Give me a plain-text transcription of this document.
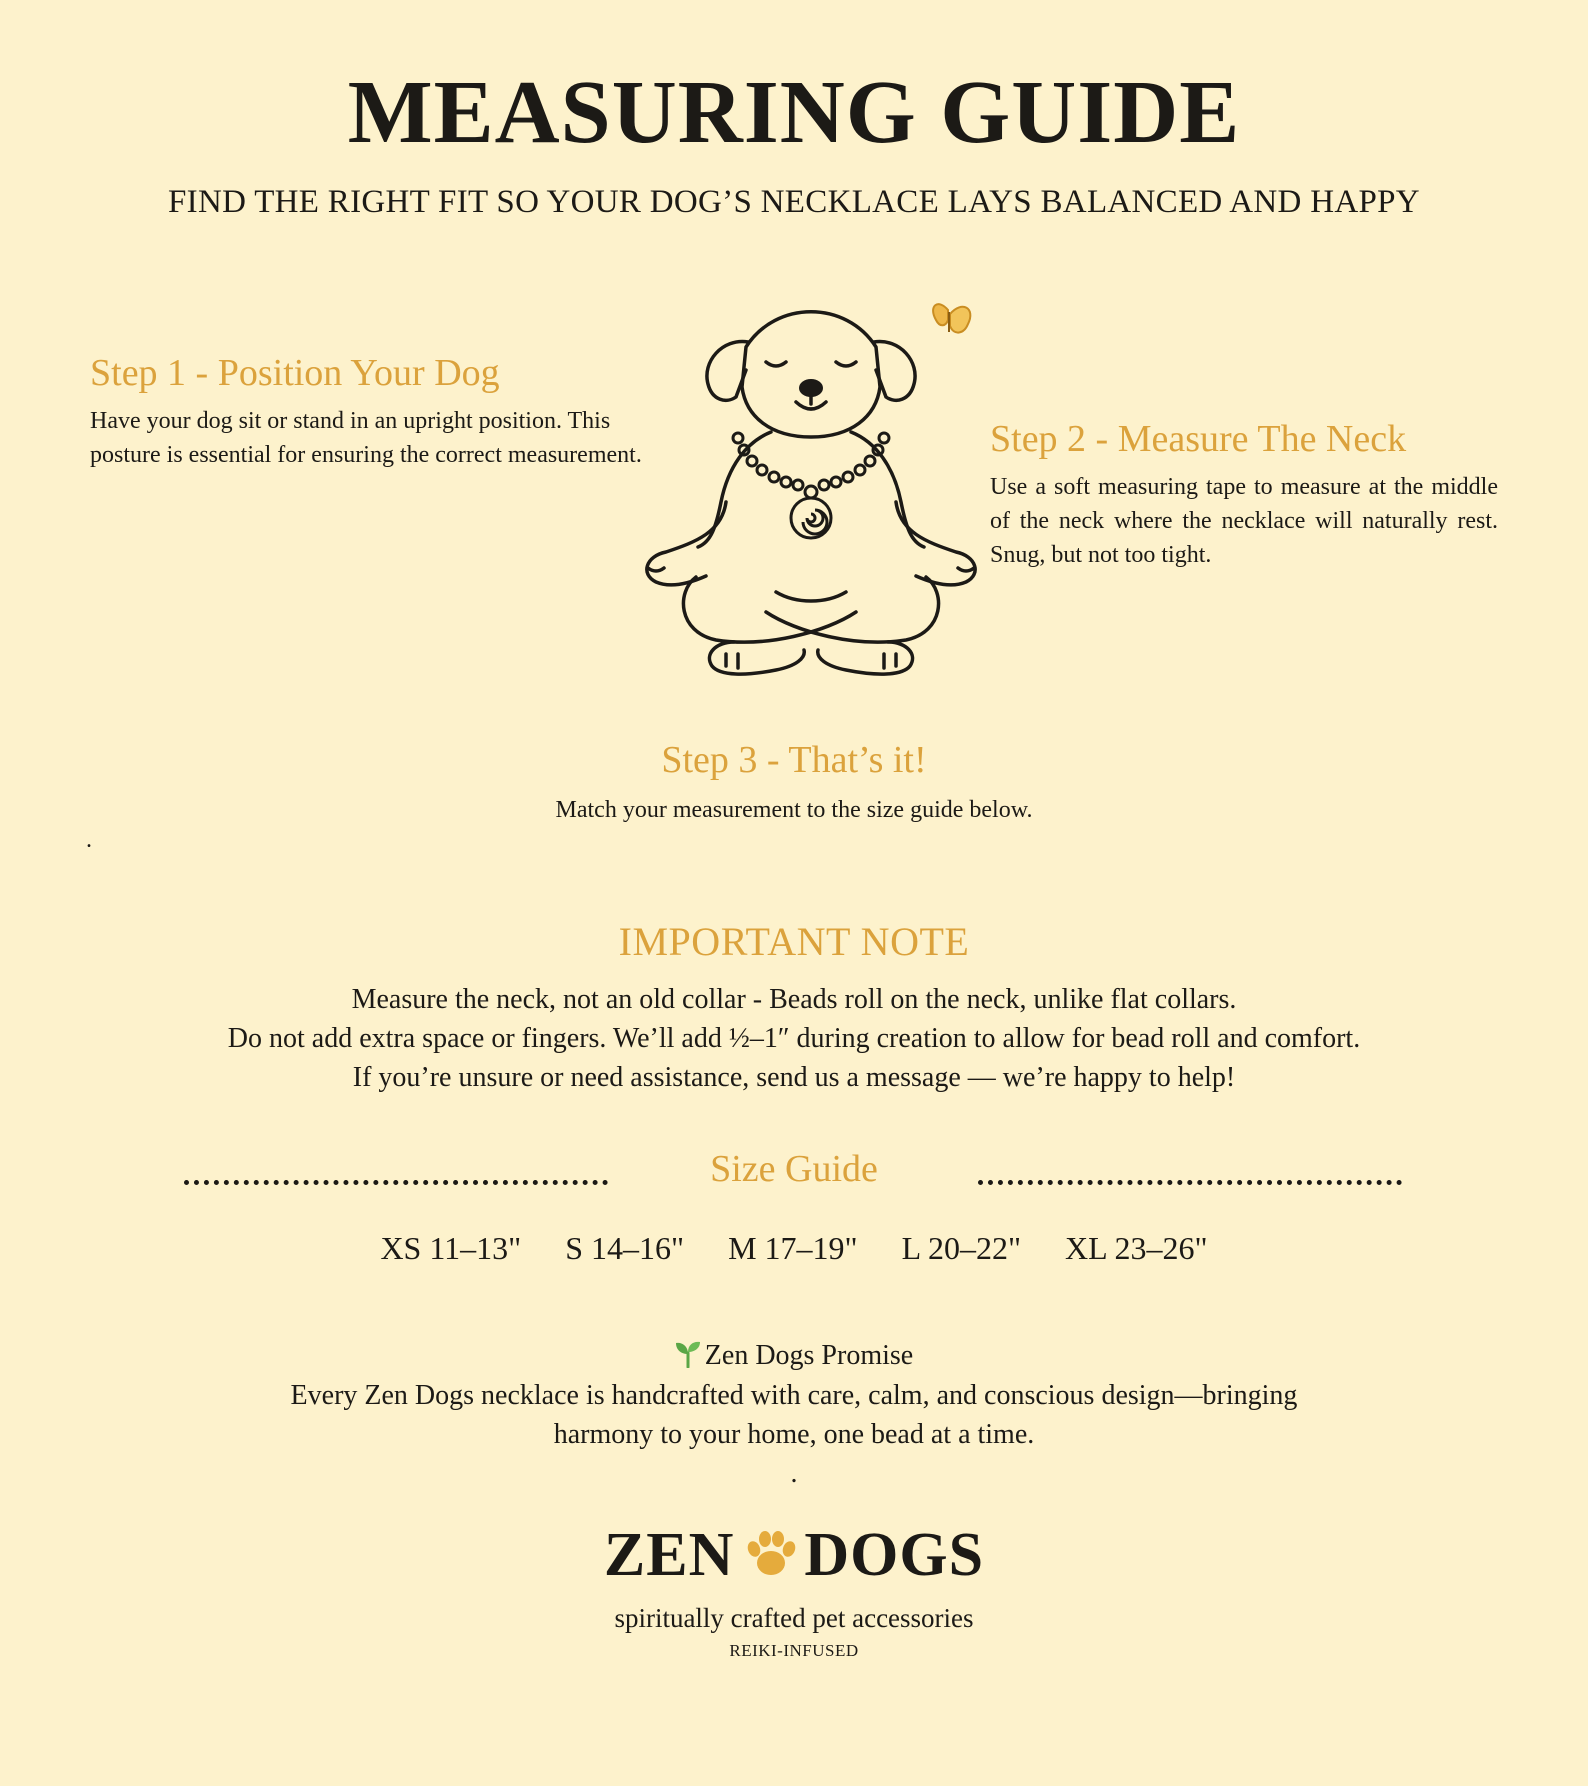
MEASURING GUIDE
FIND THE RIGHT FIT SO YOUR DOG’S NECKLACE LAYS BALANCED AND HAPPY
Step 1 - Position Your Dog
Have your dog sit or stand in an upright position. This posture is essential for ensuring the correct measurement.	Step 2 - Measure The Neck
Use a soft measuring tape to measure at the middle of the neck where the necklace will naturally rest. Snug, but not too tight.
Step 3 - That’s it!
Match your measurement to the size guide below.
.
IMPORTANT NOTE
Measure the neck, not an old collar - Beads roll on the neck, unlike flat collars.
Do not add extra space or fingers. We’ll add ½–1″ during creation to allow for bead roll and comfort.
If you’re unsure or need assistance, send us a message — we’re happy to help!
Size Guide
XS 11–13" S 14–16" M 17–19" L 20–22" XL 23–26"
Zen Dogs Promise
Every Zen Dogs necklace is handcrafted with care, calm, and conscious design—bringing
harmony to your home, one bead at a time.
.
ZEN DOGS
spiritually crafted pet accessories
REIKI-INFUSED
